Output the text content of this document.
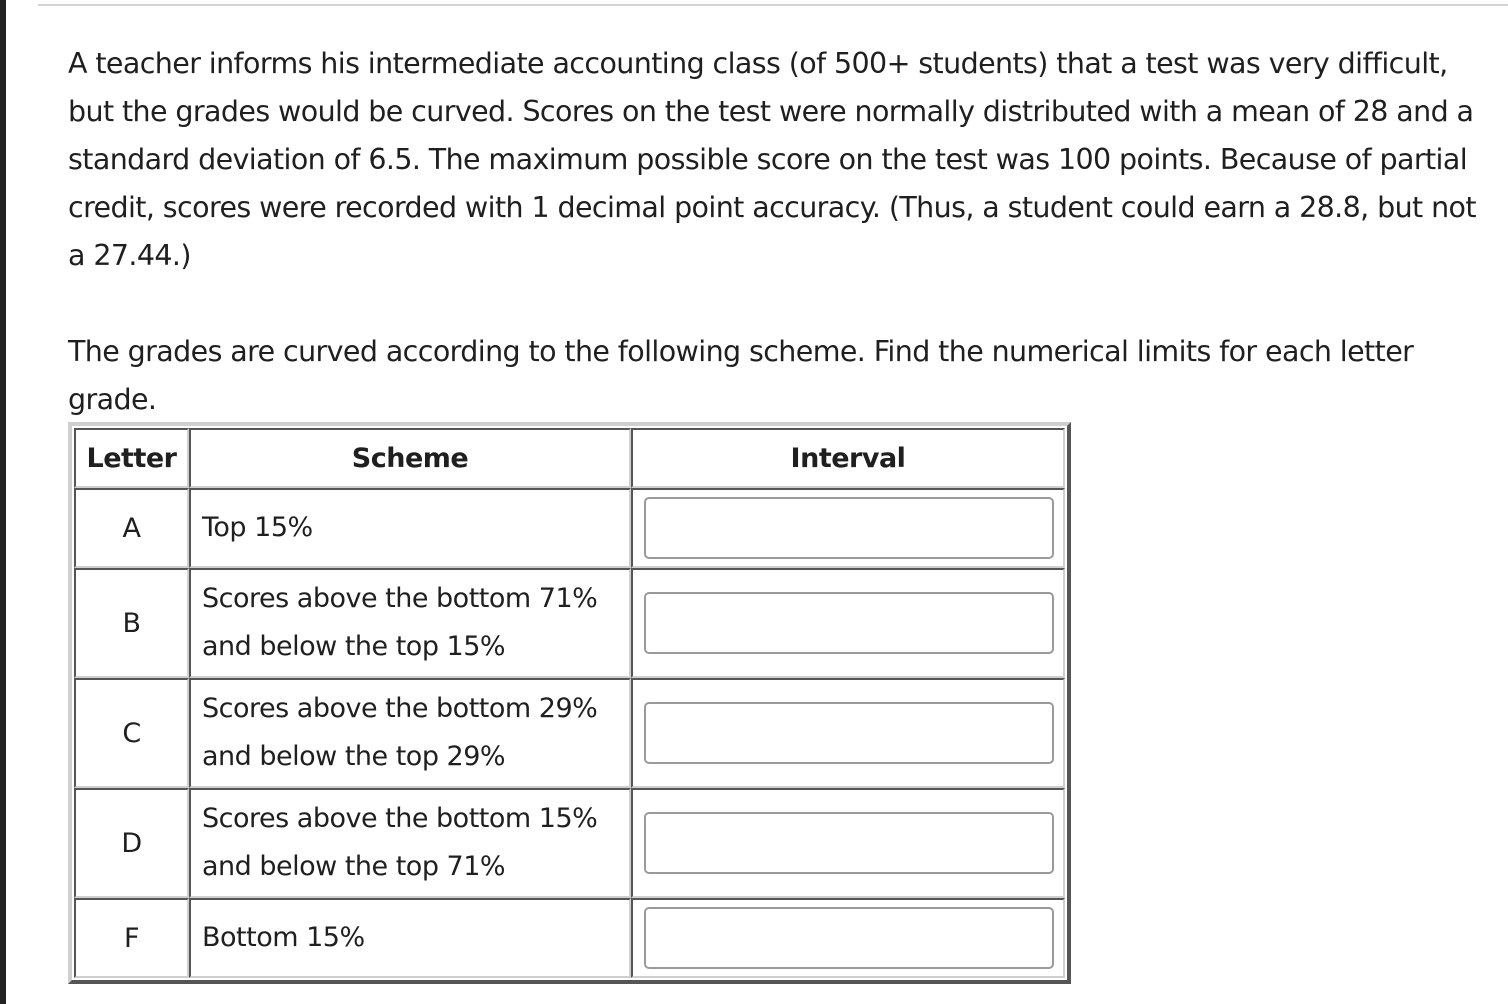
A teacher informs his intermediate accounting class (of 500+ students) that a test was very difficult, but the grades would be curved. Scores on the test were normally distributed with a mean of 28 and a standard deviation of 6.5. The maximum possible score on the test was 100 points. Because of partial credit, scores were recorded with 1 decimal point accuracy. (Thus, a student could earn a 28.8, but not a 27.44.)

The grades are curved according to the following scheme. Find the numerical limits for each letter grade.

Letter	Scheme	Interval
A	Top 15%	

B	Scores above the bottom 71%
and below the top 15%	

C	Scores above the bottom 29%
and below the top 29%	

D	Scores above the bottom 15%
and below the top 71%	

F	Bottom 15%	
